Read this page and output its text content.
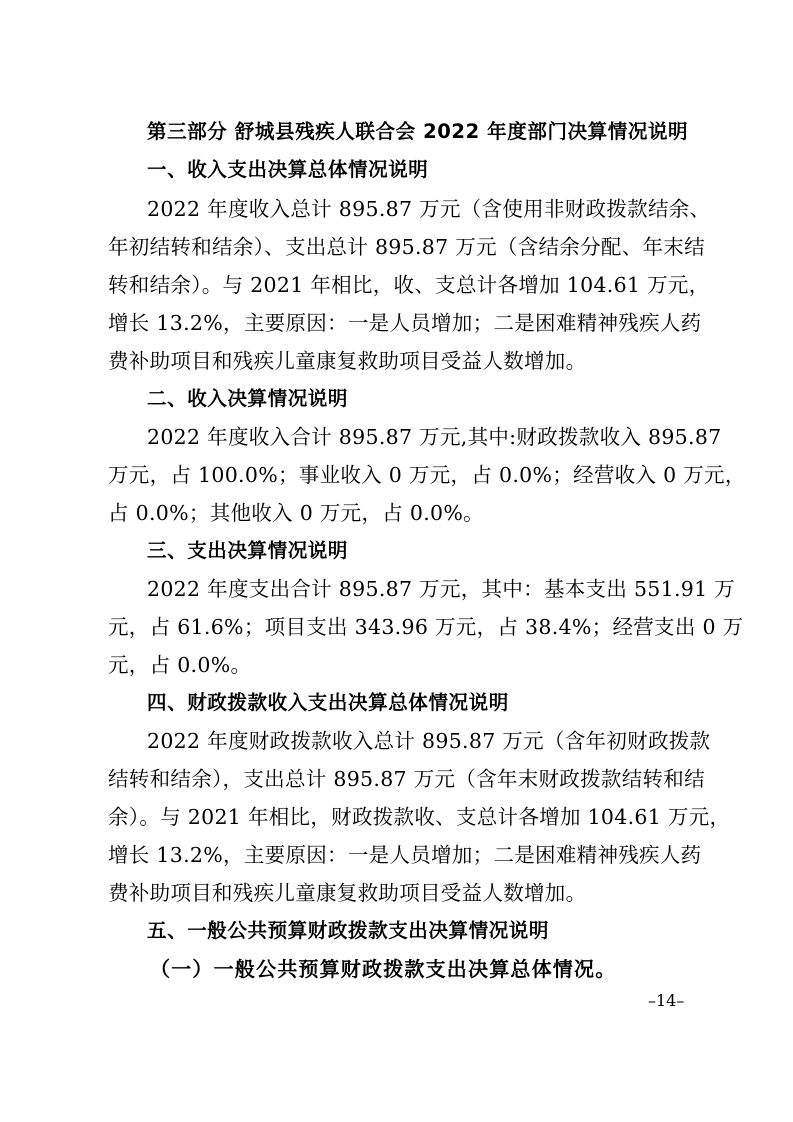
第三部分 舒城县残疾人联合会 2022 年度部门决算情况说明
一、收入支出决算总体情况说明
2022 年度收入总计 895.87 万元（含使用非财政拨款结余、
年初结转和结余）、支出总计 895.87 万元（含结余分配、年末结
转和结余）。与 2021 年相比，收、支总计各增加 104.61 万元，
增长 13.2%，主要原因：一是人员增加；二是困难精神残疾人药
费补助项目和残疾儿童康复救助项目受益人数增加。
二、收入决算情况说明
2022 年度收入合计 895.87 万元,其中:财政拨款收入 895.87
万元，占 100.0%；事业收入 0 万元，占 0.0%；经营收入 0 万元，
占 0.0%；其他收入 0 万元，占 0.0%。
三、支出决算情况说明
2022 年度支出合计 895.87 万元，其中：基本支出 551.91 万
元，占 61.6%；项目支出 343.96 万元，占 38.4%；经营支出 0 万
元，占 0.0%。
四、财政拨款收入支出决算总体情况说明
2022 年度财政拨款收入总计 895.87 万元（含年初财政拨款
结转和结余），支出总计 895.87 万元（含年末财政拨款结转和结
余）。与 2021 年相比，财政拨款收、支总计各增加 104.61 万元，
增长 13.2%，主要原因：一是人员增加；二是困难精神残疾人药
费补助项目和残疾儿童康复救助项目受益人数增加。
五、一般公共预算财政拨款支出决算情况说明
（一）一般公共预算财政拨款支出决算总体情况。
–14–
